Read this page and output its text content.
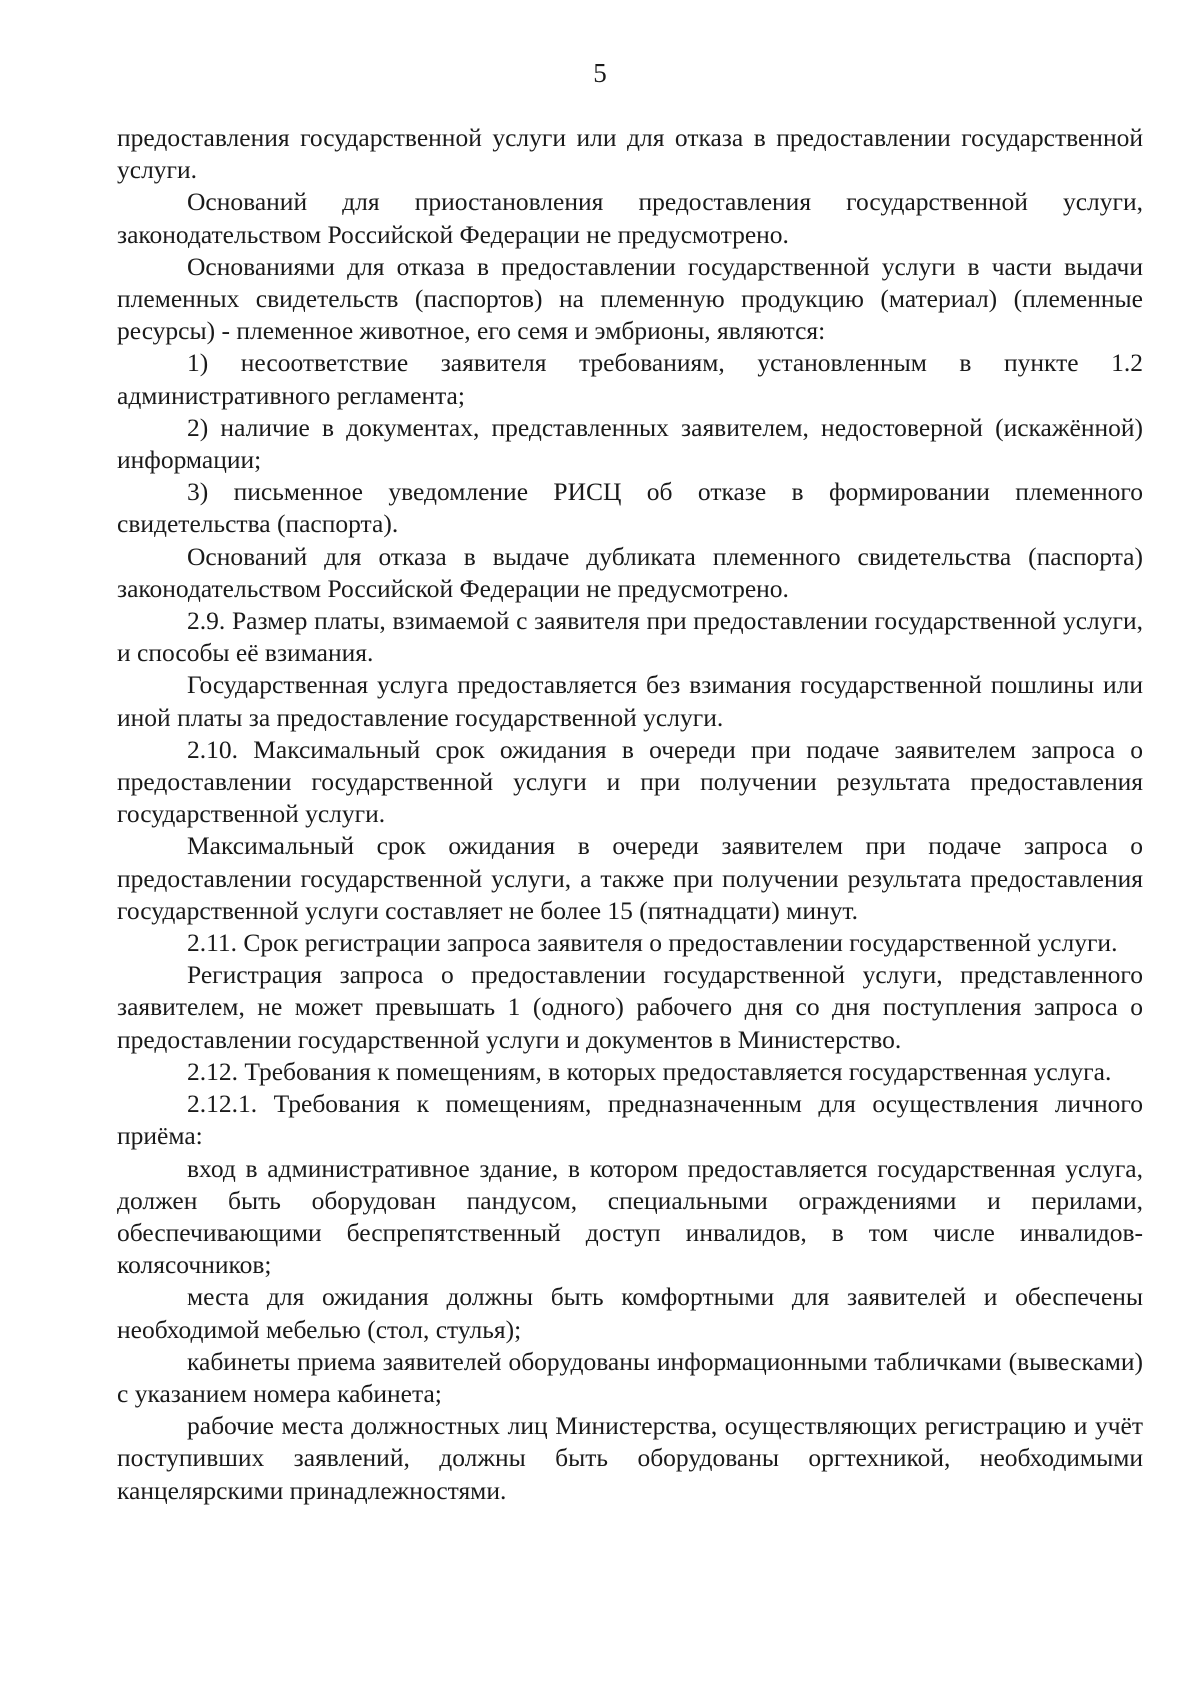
5

предоставления государственной услуги или для отказа в предоставлении государственной услуги.

Оснований для приостановления предоставления государственной услуги, законодательством Российской Федерации не предусмотрено.

Основаниями для отказа в предоставлении государственной услуги в части выдачи племенных свидетельств (паспортов) на племенную продукцию (материал) (племенные ресурсы) - племенное животное, его семя и эмбрионы, являются:

1) несоответствие заявителя требованиям, установленным в пункте 1.2 административного регламента;

2) наличие в документах, представленных заявителем, недостоверной (искажённой) информации;

3) письменное уведомление РИСЦ об отказе в формировании племенного свидетельства (паспорта).

Оснований для отказа в выдаче дубликата племенного свидетельства (паспорта) законодательством Российской Федерации не предусмотрено.

2.9. Размер платы, взимаемой с заявителя при предоставлении государственной услуги, и способы её взимания.

Государственная услуга предоставляется без взимания государственной пошлины или иной платы за предоставление государственной услуги.

2.10. Максимальный срок ожидания в очереди при подаче заявителем запроса о предоставлении государственной услуги и при получении результата предоставления государственной услуги.

Максимальный срок ожидания в очереди заявителем при подаче запроса о предоставлении государственной услуги, а также при получении результата предоставления государственной услуги составляет не более 15 (пятнадцати) минут.

2.11. Срок регистрации запроса заявителя о предоставлении государственной услуги.

Регистрация запроса о предоставлении государственной услуги, представленного заявителем, не может превышать 1 (одного) рабочего дня со дня поступления запроса о предоставлении государственной услуги и документов в Министерство.

2.12. Требования к помещениям, в которых предоставляется государственная услуга.

2.12.1. Требования к помещениям, предназначенным для осуществления личного приёма:

вход в административное здание, в котором предоставляется государственная услуга, должен быть оборудован пандусом, специальными ограждениями и перилами, обеспечивающими беспрепятственный доступ инвалидов, в том числе инвалидов-колясочников;

места для ожидания должны быть комфортными для заявителей и обеспечены необходимой мебелью (стол, стулья);

кабинеты приема заявителей оборудованы информационными табличками (вывесками) с указанием номера кабинета;

рабочие места должностных лиц Министерства, осуществляющих регистрацию и учёт поступивших заявлений, должны быть оборудованы оргтехникой, необходимыми канцелярскими принадлежностями.
